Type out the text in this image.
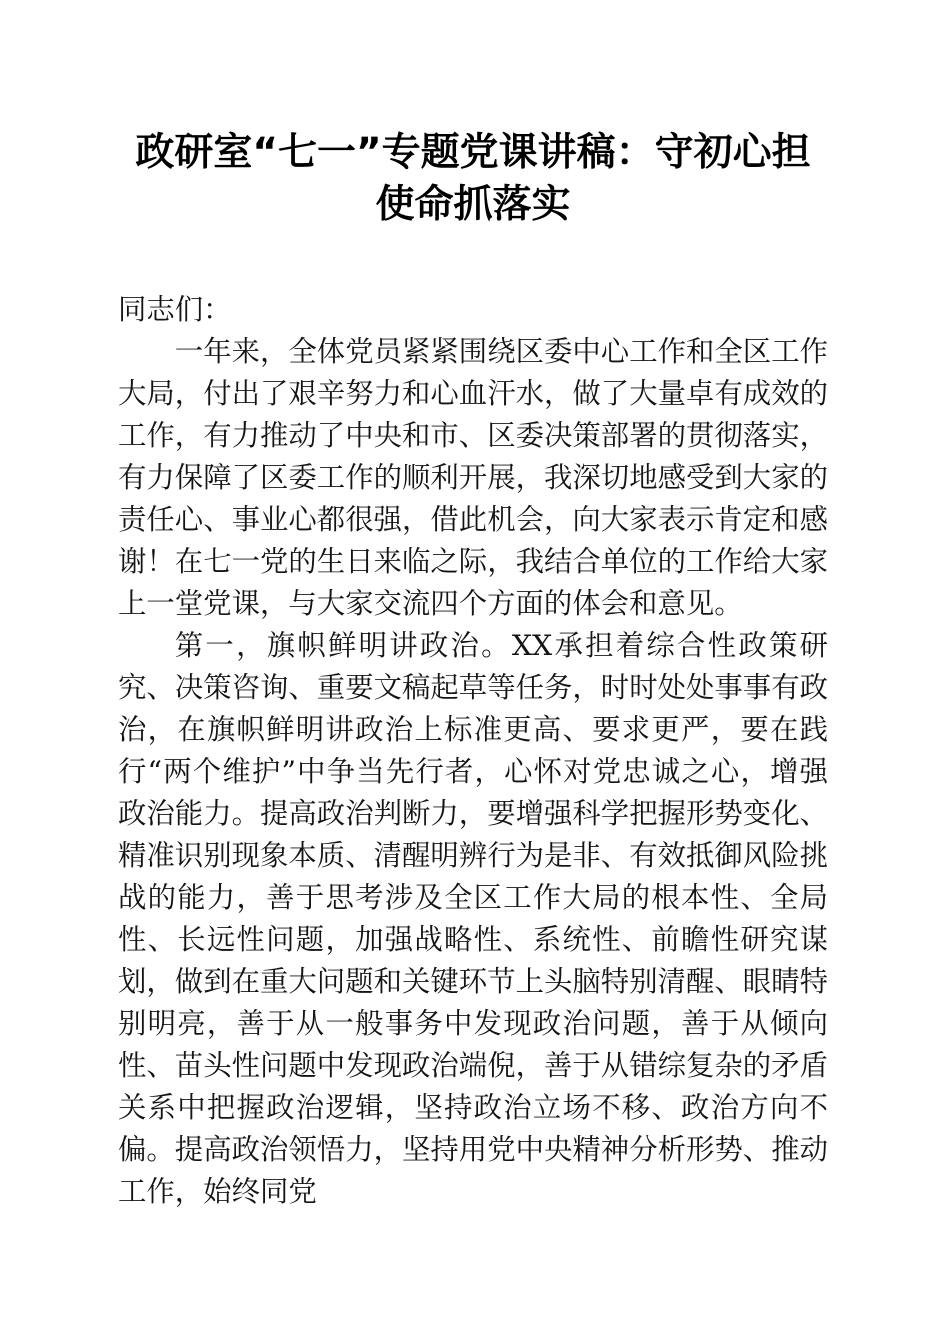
政研室“七一”专题党课讲稿：守初心担使命抓落实

同志们：

一年来，全体党员紧紧围绕区委中心工作和全区工作大局，付出了艰辛努力和心血汗水，做了大量卓有成效的工作，有力推动了中央和市、区委决策部署的贯彻落实，有力保障了区委工作的顺利开展，我深切地感受到大家的责任心、事业心都很强，借此机会，向大家表示肯定和感谢！在七一党的生日来临之际，我结合单位的工作给大家上一堂党课，与大家交流四个方面的体会和意见。

第一，旗帜鲜明讲政治。XX承担着综合性政策研究、决策咨询、重要文稿起草等任务，时时处处事事有政治，在旗帜鲜明讲政治上标准更高、要求更严，要在践行“两个维护”中争当先行者，心怀对党忠诚之心，增强政治能力。提高政治判断力，要增强科学把握形势变化、精准识别现象本质、清醒明辨行为是非、有效抵御风险挑战的能力，善于思考涉及全区工作大局的根本性、全局性、长远性问题，加强战略性、系统性、前瞻性研究谋划，做到在重大问题和关键环节上头脑特别清醒、眼睛特别明亮，善于从一般事务中发现政治问题，善于从倾向性、苗头性问题中发现政治端倪，善于从错综复杂的矛盾关系中把握政治逻辑，坚持政治立场不移、政治方向不偏。提高政治领悟力，坚持用党中央精神分析形势、推动工作，始终同党
